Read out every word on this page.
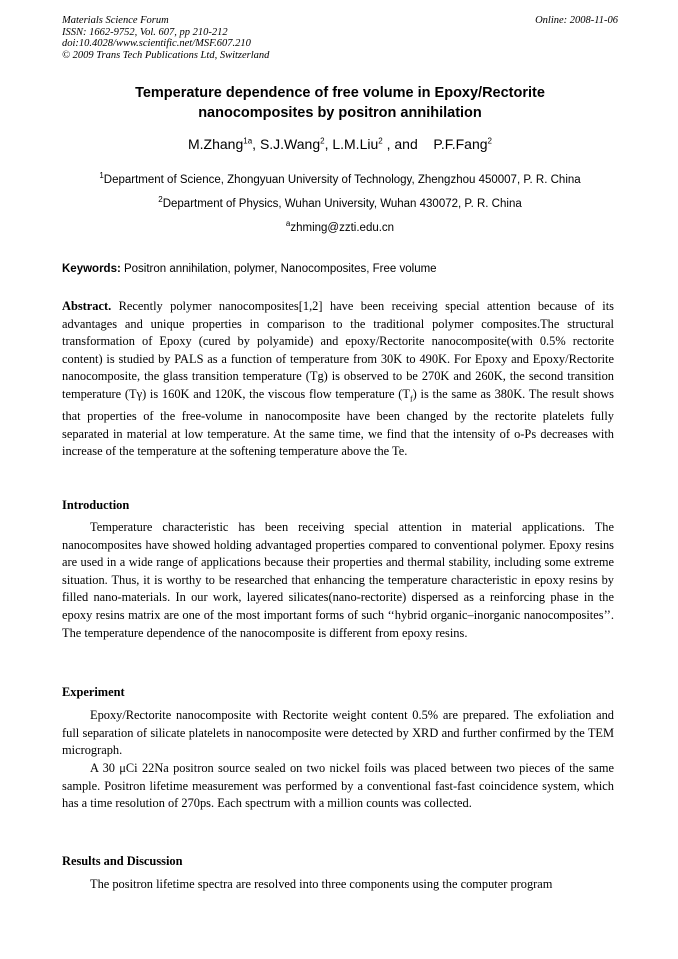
Materials Science Forum
ISSN: 1662-9752, Vol. 607, pp 210-212
doi:10.4028/www.scientific.net/MSF.607.210
© 2009 Trans Tech Publications Ltd, Switzerland
Online: 2008-11-06
Temperature dependence of free volume in Epoxy/Rectorite
nanocomposites by positron annihilation
M.Zhang$^{1a}$, S.J.Wang$^2$, L.M.Liu$^2$ , and    P.F.Fang$^2$
$^1$Department of Science, Zhongyuan University of Technology, Zhengzhou 450007, P. R. China
$^2$Department of Physics, Wuhan University, Wuhan 430072, P. R. China
$^a$zhming@zzti.edu.cn
Keywords: Positron annihilation, polymer, Nanocomposites, Free volume

Abstract. Recently polymer nanocomposites[1,2] have been receiving special attention because of its advantages and unique properties in comparison to the traditional polymer composites.The structural transformation of Epoxy (cured by polyamide) and epoxy/Rectorite nanocomposite(with 0.5% rectorite content) is studied by PALS as a function of temperature from 30K to 490K. For Epoxy and Epoxy/Rectorite nanocomposite, the glass transition temperature (Tg) is observed to be 270K and 260K, the second transition temperature (Tγ) is 160K and 120K, the viscous flow temperature $(T_f)$ is the same as 380K. The result shows that properties of the free-volume in nanocomposite have been changed by the rectorite platelets fully separated in material at low temperature. At the same time, we find that the intensity of o-Ps decreases with increase of the temperature at the softening temperature above the Te.

Introduction
Temperature characteristic has been receiving special attention in material applications. The nanocomposites have showed holding advantaged properties compared to conventional polymer. Epoxy resins are used in a wide range of applications because their properties and thermal stability, including some extreme situation. Thus, it is worthy to be researched that enhancing the temperature characteristic in epoxy resins by filled nano-materials. In our work, layered silicates(nano-rectorite) dispersed as a reinforcing phase in the epoxy resins matrix are one of the most important forms of such ‘‘hybrid organic–inorganic nanocomposites’’. The temperature dependence of the nanocomposite is different from epoxy resins.
Experiment
Epoxy/Rectorite nanocomposite with Rectorite weight content 0.5% are prepared. The exfoliation and full separation of silicate platelets in nanocomposite were detected by XRD and further confirmed by the TEM micrograph.
A 30 μCi 22Na positron source sealed on two nickel foils was placed between two pieces of the same sample. Positron lifetime measurement was performed by a conventional fast-fast coincidence system, which has a time resolution of 270ps. Each spectrum with a million counts was collected.
Results and Discussion
The positron lifetime spectra are resolved into three components using the computer program
